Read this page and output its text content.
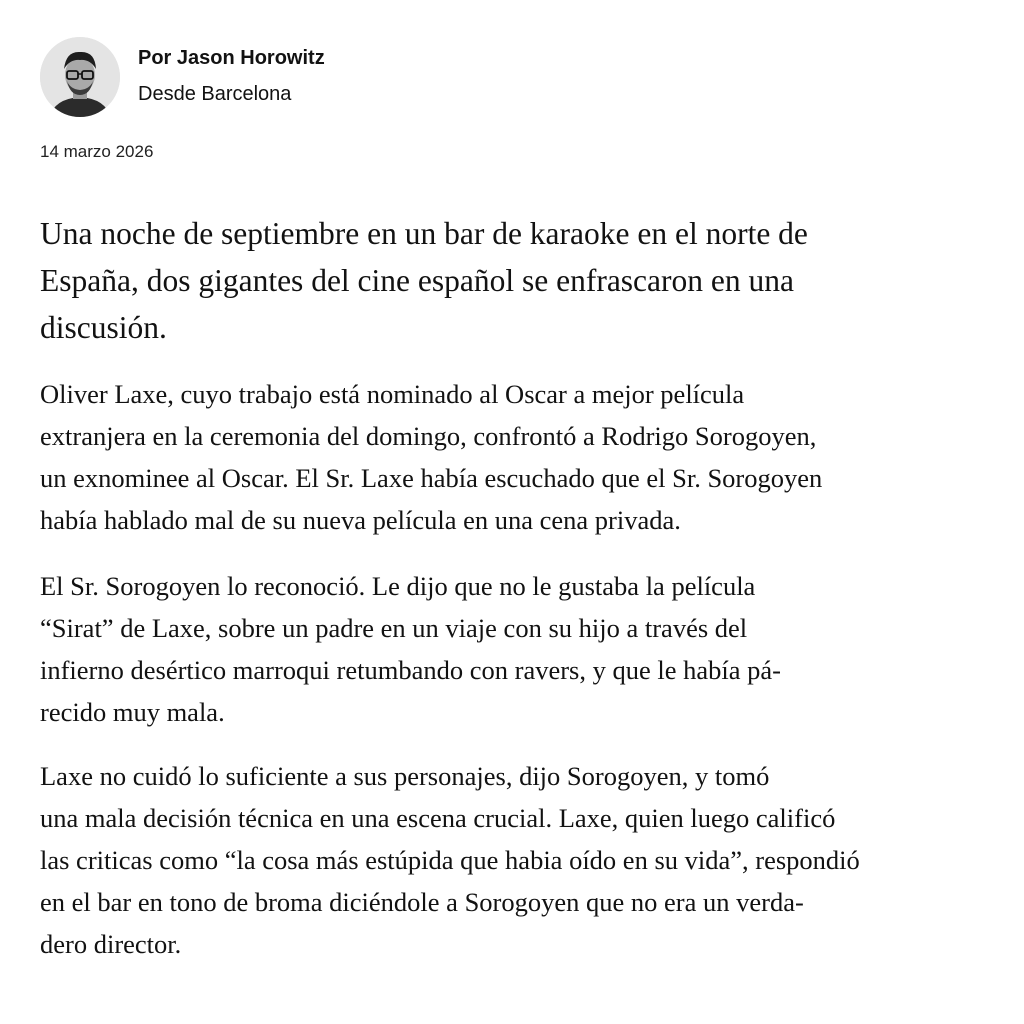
Por Jason Horowitz
Desde Barcelona
14 marzo 2026
Una noche de septiembre en un bar de karaoke en el norte de
España, dos gigantes del cine español se enfrascaron en una
discusión.
Oliver Laxe, cuyo trabajo está nominado al Oscar a mejor película
extranjera en la ceremonia del domingo, confrontó a Rodrigo Sorogoyen,
un exnominee al Oscar. El Sr. Laxe había escuchado que el Sr. Sorogoyen
había hablado mal de su nueva película en una cena privada.
El Sr. Sorogoyen lo reconoció. Le dijo que no le gustaba la película
“Sirat” de Laxe, sobre un padre en un viaje con su hijo a través del
infierno desértico marroqui retumbando con ravers, y que le había pá-
recido muy mala.
Laxe no cuidó lo suficiente a sus personajes, dijo Sorogoyen, y tomó
una mala decisión técnica en una escena crucial. Laxe, quien luego calificó
las criticas como “la cosa más estúpida que habia oído en su vida”, respondió
en el bar en tono de broma diciéndole a Sorogoyen que no era un verda-
dero director.
